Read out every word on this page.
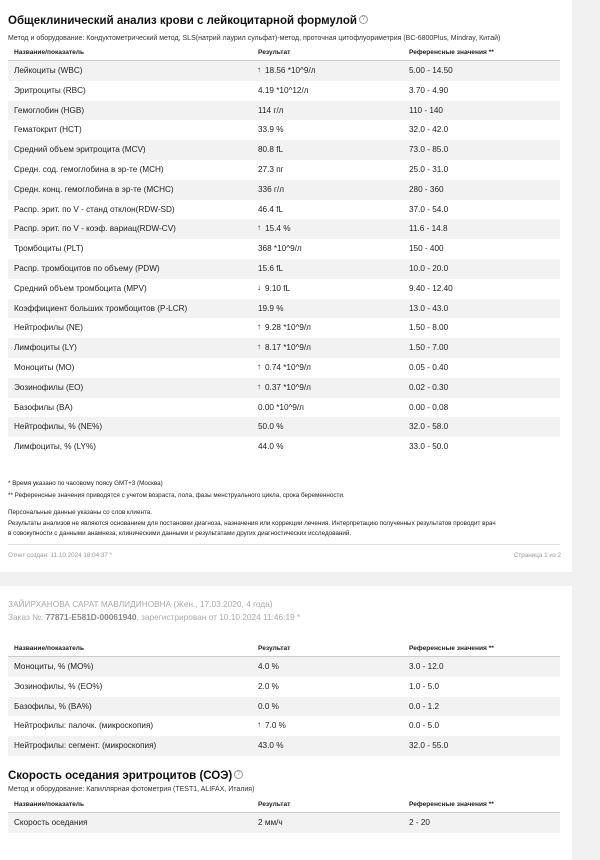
Общеклинический анализ крови с лейкоцитарной формулой ?
Метод и оборудование: Кондуктометрический метод, SLS(натрий лаурил сульфат)-метод, проточная цитофлуориметрия (BC-6800Plus, Mindray, Китай)
Название/показатель	Результат	Референсные значения **
Лейкоциты (WBC)	↑ 18.56 *10^9/л	5.00 - 14.50
Эритроциты (RBC)	4.19 *10^12/л	3.70 - 4.90
Гемоглобин (HGB)	114 г/л	110 - 140
Гематокрит (HCT)	33.9 %	32.0 - 42.0
Средний объем эритроцита (MCV)	80.8 fL	73.0 - 85.0
Средн. сод. гемоглобина в эр-те (MCH)	27.3 пг	25.0 - 31.0
Средн. конц. гемоглобина в эр-те (MCHC)	336 г/л	280 - 360
Распр. эрит. по V - станд отклон(RDW-SD)	46.4 fL	37.0 - 54.0
Распр. эрит. по V - коэф. вариац(RDW-CV)	↑ 15.4 %	11.6 - 14.8
Тромбоциты (PLT)	368 *10^9/л	150 - 400
Распр. тромбоцитов по объему (PDW)	15.6 fL	10.0 - 20.0
Средний объем тромбоцита (MPV)	↓ 9.10 fL	9.40 - 12.40
Коэффициент больших тромбоцитов (P-LCR)	19.9 %	13.0 - 43.0
Нейтрофилы (NE)	↑ 9.28 *10^9/л	1.50 - 8.00
Лимфоциты (LY)	↑ 8.17 *10^9/л	1.50 - 7.00
Моноциты (MO)	↑ 0.74 *10^9/л	0.05 - 0.40
Эозинофилы (EO)	↑ 0.37 *10^9/л	0.02 - 0.30
Базофилы (BA)	0.00 *10^9/л	0.00 - 0.08
Нейтрофилы, % (NE%)	50.0 %	32.0 - 58.0
Лимфоциты, % (LY%)	44.0 %	33.0 - 50.0
* Время указано по часовому поясу GMT+3 (Москва)
** Референсные значения приводятся с учетом возраста, пола, фазы менструального цикла, срока беременности.
Персональные данные указаны со слов клиента.
Результаты анализов не являются основанием для постановки диагноза, назначения или коррекции лечения. Интерпретацию полученных результатов проводит врач
в совокупности с данными анамнеза, клиническими данными и результатами других диагностических исследований.
Отчет создан: 11.10.2024 18:04:37 *	Страница 1 из 2
ЗАЙИРХАНОВА САРАТ МАВЛИДИНОВНА (Жен., 17.03.2020, 4 года)
Заказ №: 77871-E581D-00061940, зарегистрирован от 10.10.2024 11:46:19 *
Название/показатель	Результат	Референсные значения **
Моноциты, % (MO%)	4.0 %	3.0 - 12.0
Эозинофилы, % (EO%)	2.0 %	1.0 - 5.0
Базофилы, % (BA%)	0.0 %	0.0 - 1.2
Нейтрофилы: палочк. (микроскопия)	↑ 7.0 %	0.0 - 5.0
Нейтрофилы: сегмент. (микроскопия)	43.0 %	32.0 - 55.0
Скорость оседания эритроцитов (СОЭ) ?
Метод и оборудование: Капиллярная фотометрия (TEST1, ALIFAX, Италия)
Название/показатель	Результат	Референсные значения **
Скорость оседания	2 мм/ч	2 - 20
